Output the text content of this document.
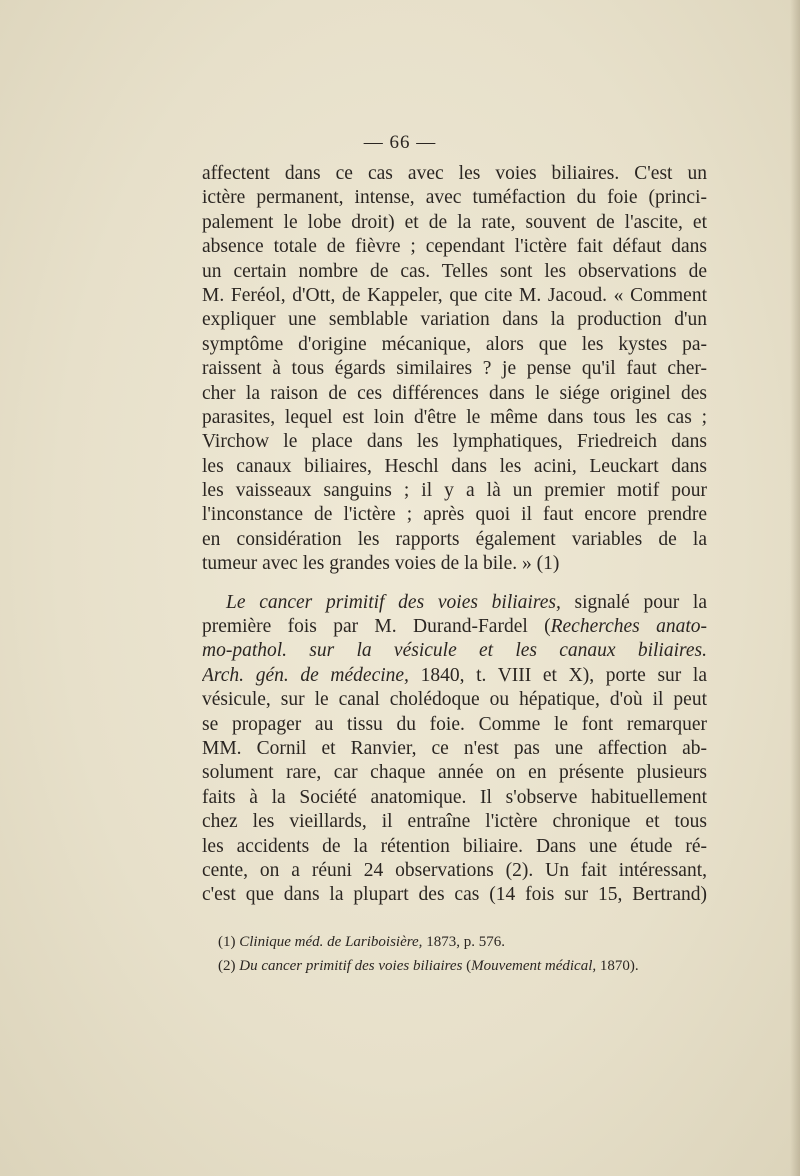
— 66 —
affectent dans ce cas avec les voies biliaires. C'est un
ictère permanent, intense, avec tuméfaction du foie (princi-
palement le lobe droit) et de la rate, souvent de l'ascite, et
absence totale de fièvre ; cependant l'ictère fait défaut dans
un certain nombre de cas. Telles sont les observations de
M. Feréol, d'Ott, de Kappeler, que cite M. Jacoud. « Comment
expliquer une semblable variation dans la production d'un
symptôme d'origine mécanique, alors que les kystes pa-
raissent à tous égards similaires ? je pense qu'il faut cher-
cher la raison de ces différences dans le siége originel des
parasites, lequel est loin d'être le même dans tous les cas ;
Virchow le place dans les lymphatiques, Friedreich dans
les canaux biliaires, Heschl dans les acini, Leuckart dans
les vaisseaux sanguins ; il y a là un premier motif pour
l'inconstance de l'ictère ; après quoi il faut encore prendre
en considération les rapports également variables de la
tumeur avec les grandes voies de la bile. » (1)
Le cancer primitif des voies biliaires, signalé pour la
première fois par M. Durand-Fardel (Recherches anato-
mo-pathol. sur la vésicule et les canaux biliaires.
Arch. gén. de médecine, 1840, t. VIII et X), porte sur la
vésicule, sur le canal cholédoque ou hépatique, d'où il peut
se propager au tissu du foie. Comme le font remarquer
MM. Cornil et Ranvier, ce n'est pas une affection ab-
solument rare, car chaque année on en présente plusieurs
faits à la Société anatomique. Il s'observe habituellement
chez les vieillards, il entraîne l'ictère chronique et tous
les accidents de la rétention biliaire. Dans une étude ré-
cente, on a réuni 24 observations (2). Un fait intéressant,
c'est que dans la plupart des cas (14 fois sur 15, Bertrand)
(1) Clinique méd. de Lariboisière, 1873, p. 576.
(2) Du cancer primitif des voies biliaires (Mouvement médical, 1870).
